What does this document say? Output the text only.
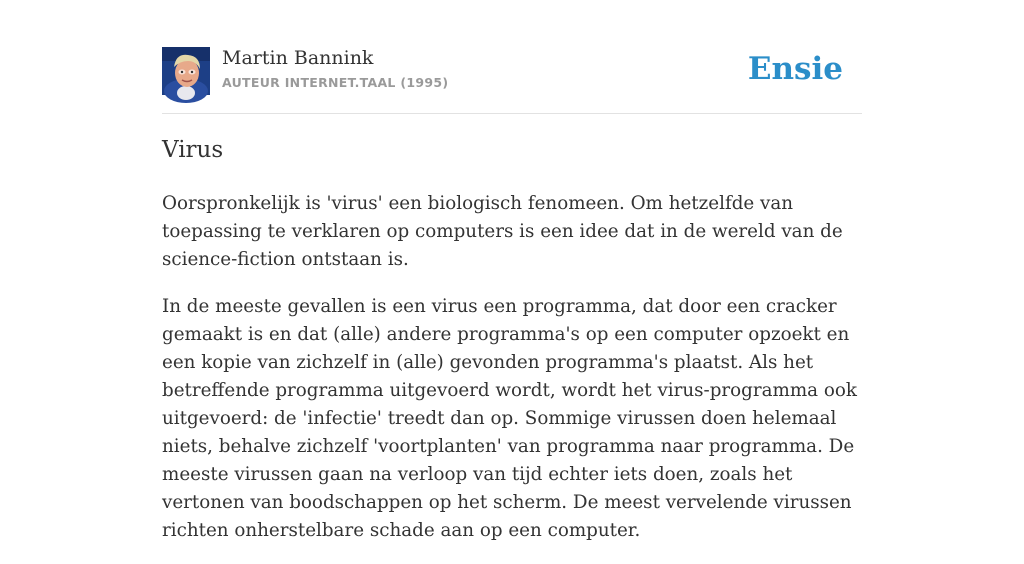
Martin Bannink
AUTEUR INTERNET.TAAL (1995)	Ensie
Virus

Oorspronkelijk is 'virus' een biologisch fenomeen. Om hetzelfde van toepassing te verklaren op computers is een idee dat in de wereld van de science-fiction ontstaan is.

In de meeste gevallen is een virus een programma, dat door een cracker gemaakt is en dat (alle) andere programma's op een computer opzoekt en een kopie van zichzelf in (alle) gevonden programma's plaatst. Als het betreffende programma uitgevoerd wordt, wordt het virus-programma ook uitgevoerd: de 'infectie' treedt dan op. Sommige virussen doen helemaal niets, behalve zichzelf 'voortplanten' van programma naar programma. De meeste virussen gaan na verloop van tijd echter iets doen, zoals het vertonen van boodschappen op het scherm. De meest vervelende virussen richten onherstelbare schade aan op een computer.
